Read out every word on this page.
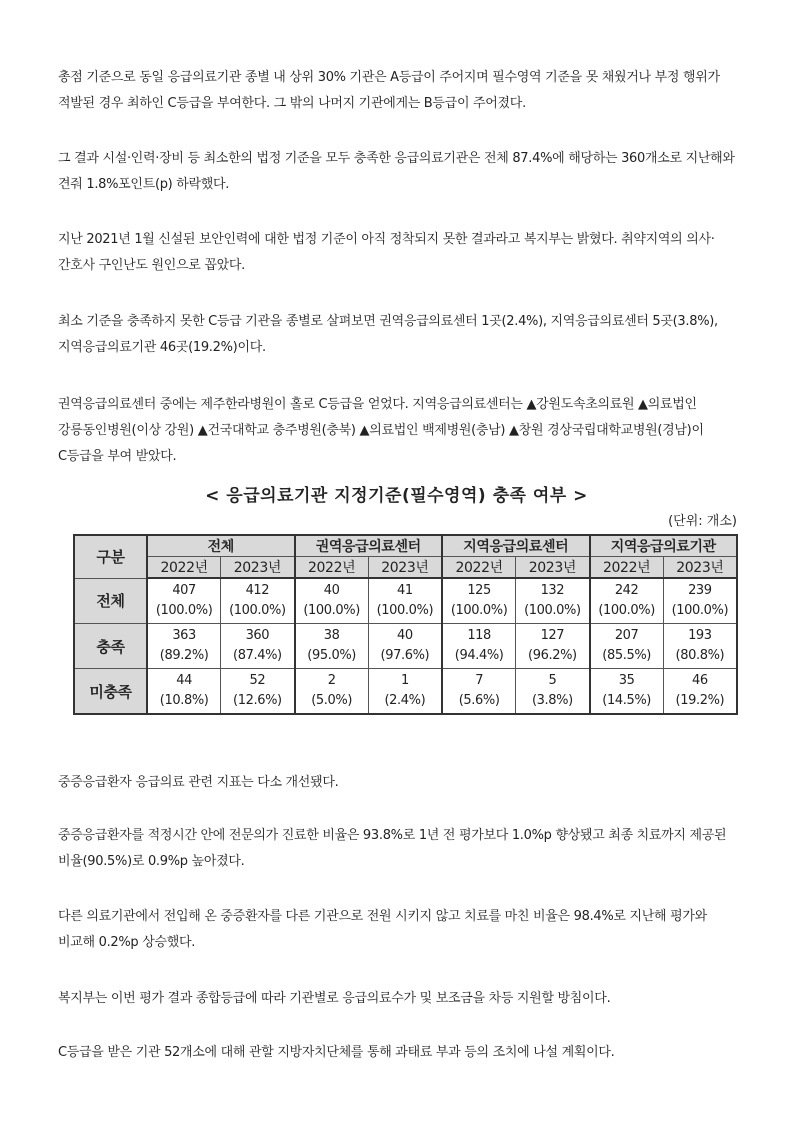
총점 기준으로 동일 응급의료기관 종별 내 상위 30% 기관은 A등급이 주어지며 필수영역 기준을 못 채웠거나 부정 행위가 적발된 경우 최하인 C등급을 부여한다. 그 밖의 나머지 기관에게는 B등급이 주어졌다.

그 결과 시설·인력·장비 등 최소한의 법정 기준을 모두 충족한 응급의료기관은 전체 87.4%에 해당하는 360개소로 지난해와 견줘 1.8%포인트(p) 하락했다.

지난 2021년 1월 신설된 보안인력에 대한 법정 기준이 아직 정착되지 못한 결과라고 복지부는 밝혔다. 취약지역의 의사·간호사 구인난도 원인으로 꼽았다.

최소 기준을 충족하지 못한 C등급 기관을 종별로 살펴보면 권역응급의료센터 1곳(2.4%), 지역응급의료센터 5곳(3.8%), 지역응급의료기관 46곳(19.2%)이다.

권역응급의료센터 중에는 제주한라병원이 홀로 C등급을 얻었다. 지역응급의료센터는 ▲강원도속초의료원 ▲의료법인 강릉동인병원(이상 강원) ▲건국대학교 충주병원(충북) ▲의료법인 백제병원(충남) ▲창원 경상국립대학교병원(경남)이 C등급을 부여 받았다.

< 응급의료기관 지정기준(필수영역) 충족 여부 >
(단위: 개소)
구분	전체		권역응급의료센터		지역응급의료센터		지역응급의료기관	
	2022년	2023년	2022년	2023년	2022년	2023년	2022년	2023년
전체	407
(100.0%)	412
(100.0%)	40
(100.0%)	41
(100.0%)	125
(100.0%)	132
(100.0%)	242
(100.0%)	239
(100.0%)

충족	363
(89.2%)	360
(87.4%)	38
(95.0%)	40
(97.6%)	118
(94.4%)	127
(96.2%)	207
(85.5%)	193
(80.8%)

미충족	44
(10.8%)	52
(12.6%)	2
(5.0%)	1
(2.4%)	7
(5.6%)	5
(3.8%)	35
(14.5%)	46
(19.2%)

중증응급환자 응급의료 관련 지표는 다소 개선됐다.

중증응급환자를 적정시간 안에 전문의가 진료한 비율은 93.8%로 1년 전 평가보다 1.0%p 향상됐고 최종 치료까지 제공된 비율(90.5%)로 0.9%p 높아졌다.

다른 의료기관에서 전입해 온 중증환자를 다른 기관으로 전원 시키지 않고 치료를 마친 비율은 98.4%로 지난해 평가와 비교해 0.2%p 상승했다.

복지부는 이번 평가 결과 종합등급에 따라 기관별로 응급의료수가 및 보조금을 차등 지원할 방침이다.

C등급을 받은 기관 52개소에 대해 관할 지방자치단체를 통해 과태료 부과 등의 조치에 나설 계획이다.
